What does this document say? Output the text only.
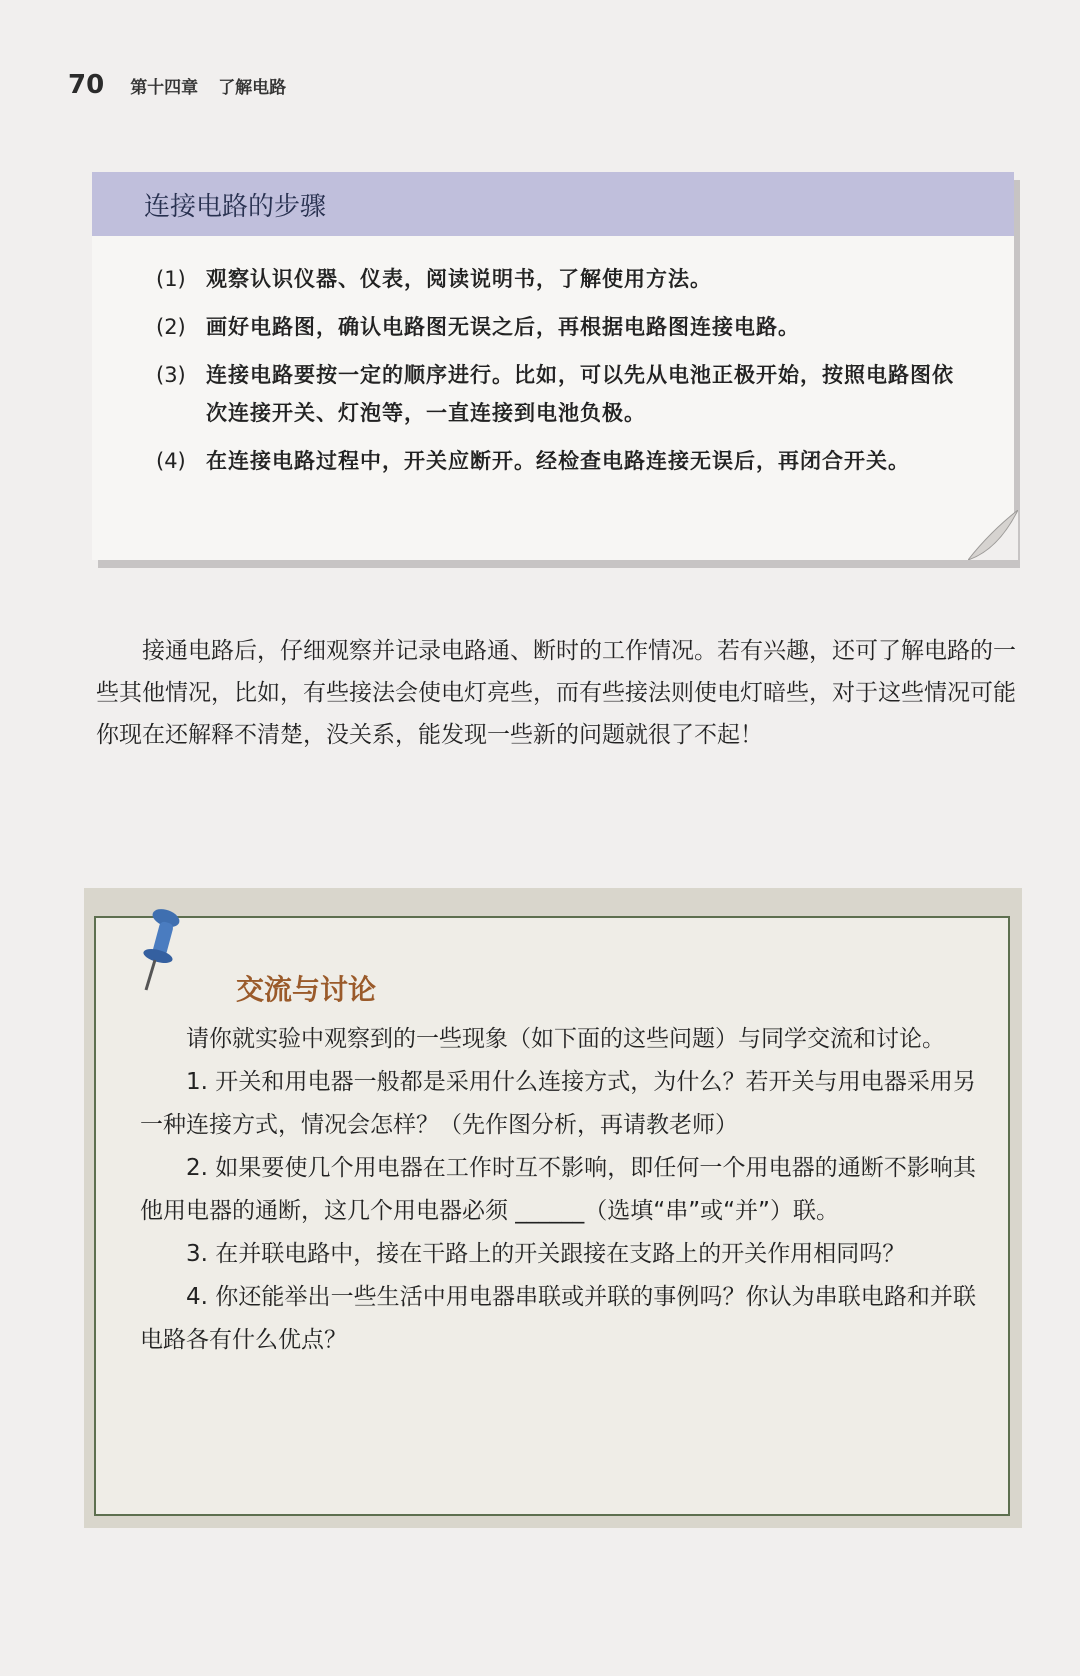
70 第十四章 了解电路
连接电路的步骤
(1) 观察认识仪器、仪表，阅读说明书，了解使用方法。
(2) 画好电路图，确认电路图无误之后，再根据电路图连接电路。
(3) 连接电路要按一定的顺序进行。比如，可以先从电池正极开始，按照电路图依次连接开关、灯泡等，一直连接到电池负极。
(4) 在连接电路过程中，开关应断开。经检查电路连接无误后，再闭合开关。
接通电路后，仔细观察并记录电路通、断时的工作情况。若有兴趣，还可了解电路的一些其他情况，比如，有些接法会使电灯亮些，而有些接法则使电灯暗些，对于这些情况可能你现在还解释不清楚，没关系，能发现一些新的问题就很了不起！
交流与讨论

请你就实验中观察到的一些现象（如下面的这些问题）与同学交流和讨论。

1. 开关和用电器一般都是采用什么连接方式，为什么？若开关与用电器采用另一种连接方式，情况会怎样？（先作图分析，再请教老师）

2. 如果要使几个用电器在工作时互不影响，即任何一个用电器的通断不影响其他用电器的通断，这几个用电器必须 ______（选填“串”或“并”）联。

3. 在并联电路中，接在干路上的开关跟接在支路上的开关作用相同吗？

4. 你还能举出一些生活中用电器串联或并联的事例吗？你认为串联电路和并联电路各有什么优点？
